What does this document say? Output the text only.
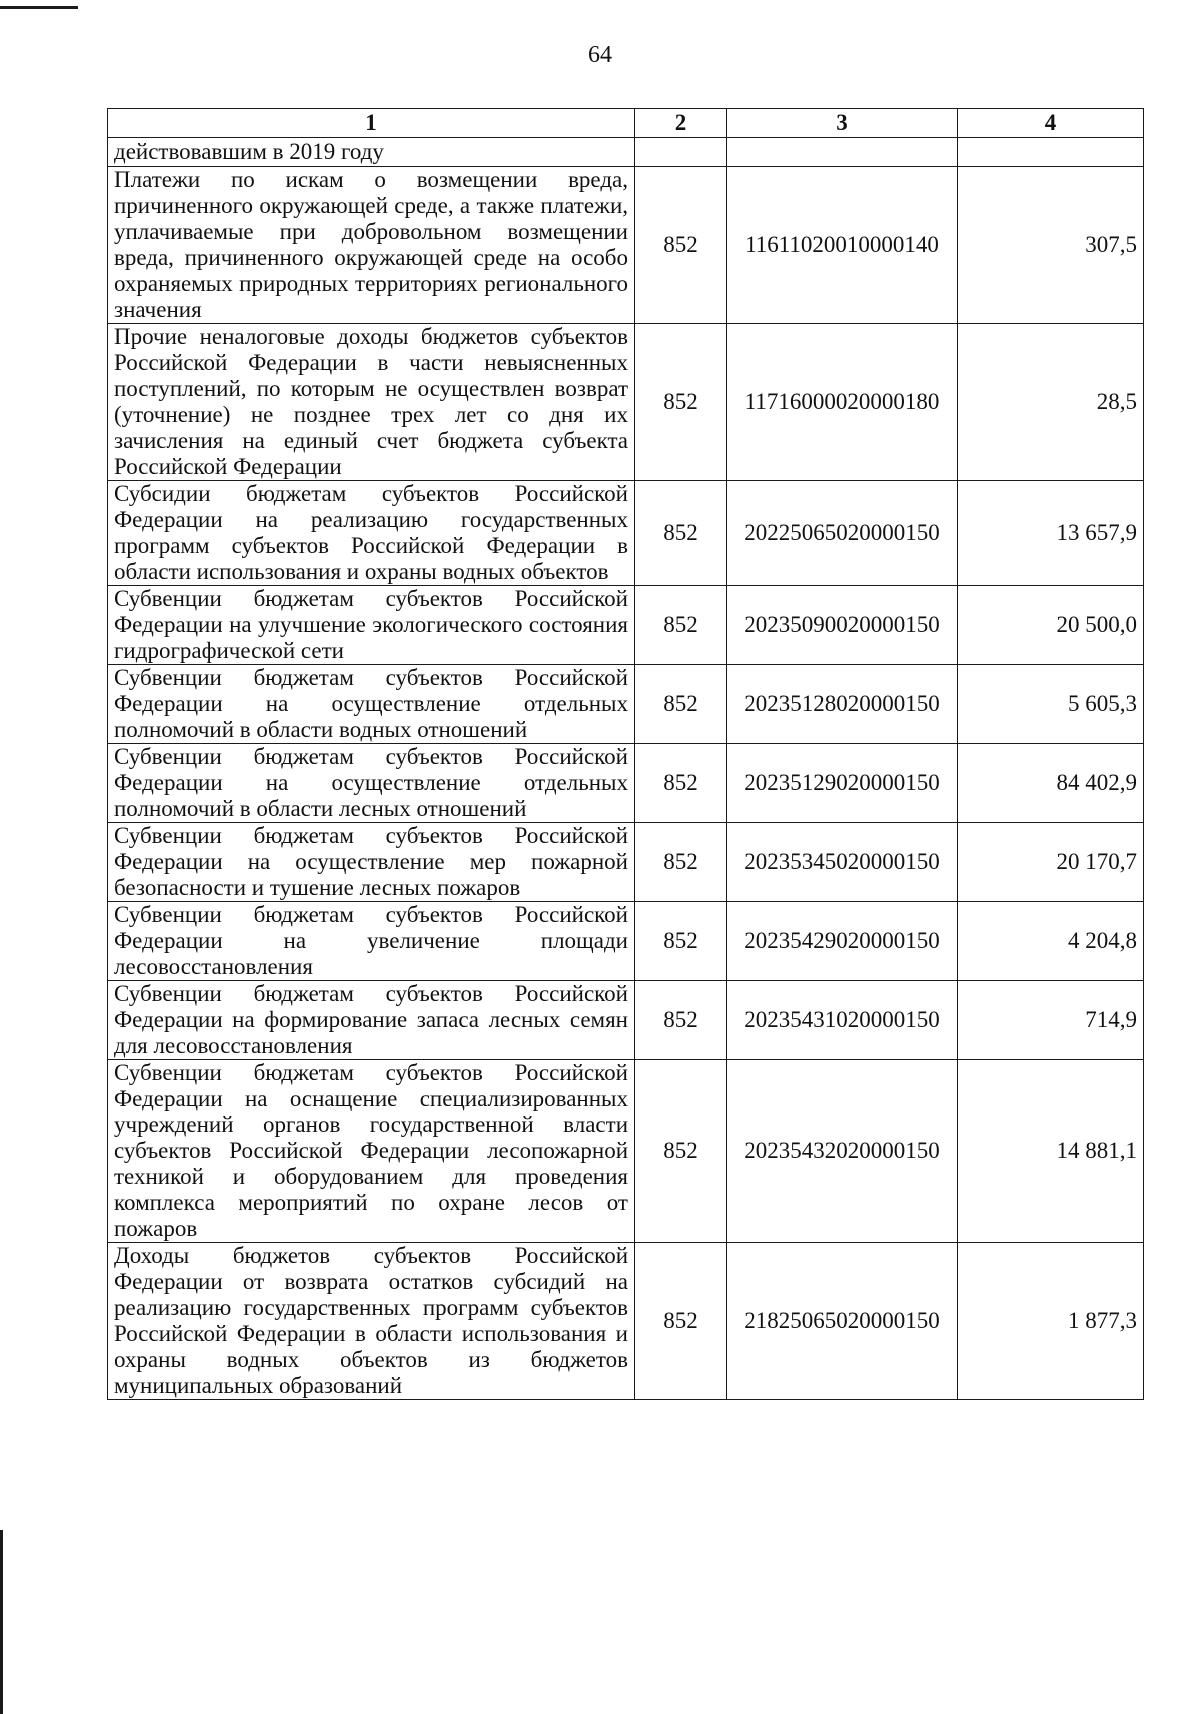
64
1	2	3	4
действовавшим в 2019 году			
Платежи по искам о возмещении вреда, причиненного окружающей среде, а также платежи, уплачиваемые при добровольном возмещении вреда, причиненного окружающей среде на особо охраняемых природных территориях регионального значения	852	11611020010000140	307,5
Прочие неналоговые доходы бюджетов субъектов Российской Федерации в части невыясненных поступлений, по которым не осуществлен возврат (уточнение) не позднее трех лет со дня их зачисления на единый счет бюджета субъекта Российской Федерации	852	11716000020000180	28,5
Субсидии бюджетам субъектов Российской Федерации на реализацию государственных программ субъектов Российской Федерации в области использования и охраны водных объектов	852	20225065020000150	13 657,9
Субвенции бюджетам субъектов Российской Федерации на улучшение экологического состояния гидрографической сети	852	20235090020000150	20 500,0
Субвенции бюджетам субъектов Российской Федерации на осуществление отдельных полномочий в области водных отношений	852	20235128020000150	5 605,3
Субвенции бюджетам субъектов Российской Федерации на осуществление отдельных полномочий в области лесных отношений	852	20235129020000150	84 402,9
Субвенции бюджетам субъектов Российской Федерации на осуществление мер пожарной безопасности и тушение лесных пожаров	852	20235345020000150	20 170,7
Субвенции бюджетам субъектов Российской Федерации на увеличение площади лесовосстановления	852	20235429020000150	4 204,8
Субвенции бюджетам субъектов Российской Федерации на формирование запаса лесных семян для лесовосстановления	852	20235431020000150	714,9
Субвенции бюджетам субъектов Российской Федерации на оснащение специализированных учреждений органов государственной власти субъектов Российской Федерации лесопожарной техникой и оборудованием для проведения комплекса мероприятий по охране лесов от пожаров	852	20235432020000150	14 881,1
Доходы бюджетов субъектов Российской Федерации от возврата остатков субсидий на реализацию государственных программ субъектов Российской Федерации в области использования и охраны водных объектов из бюджетов муниципальных образований	852	21825065020000150	1 877,3
